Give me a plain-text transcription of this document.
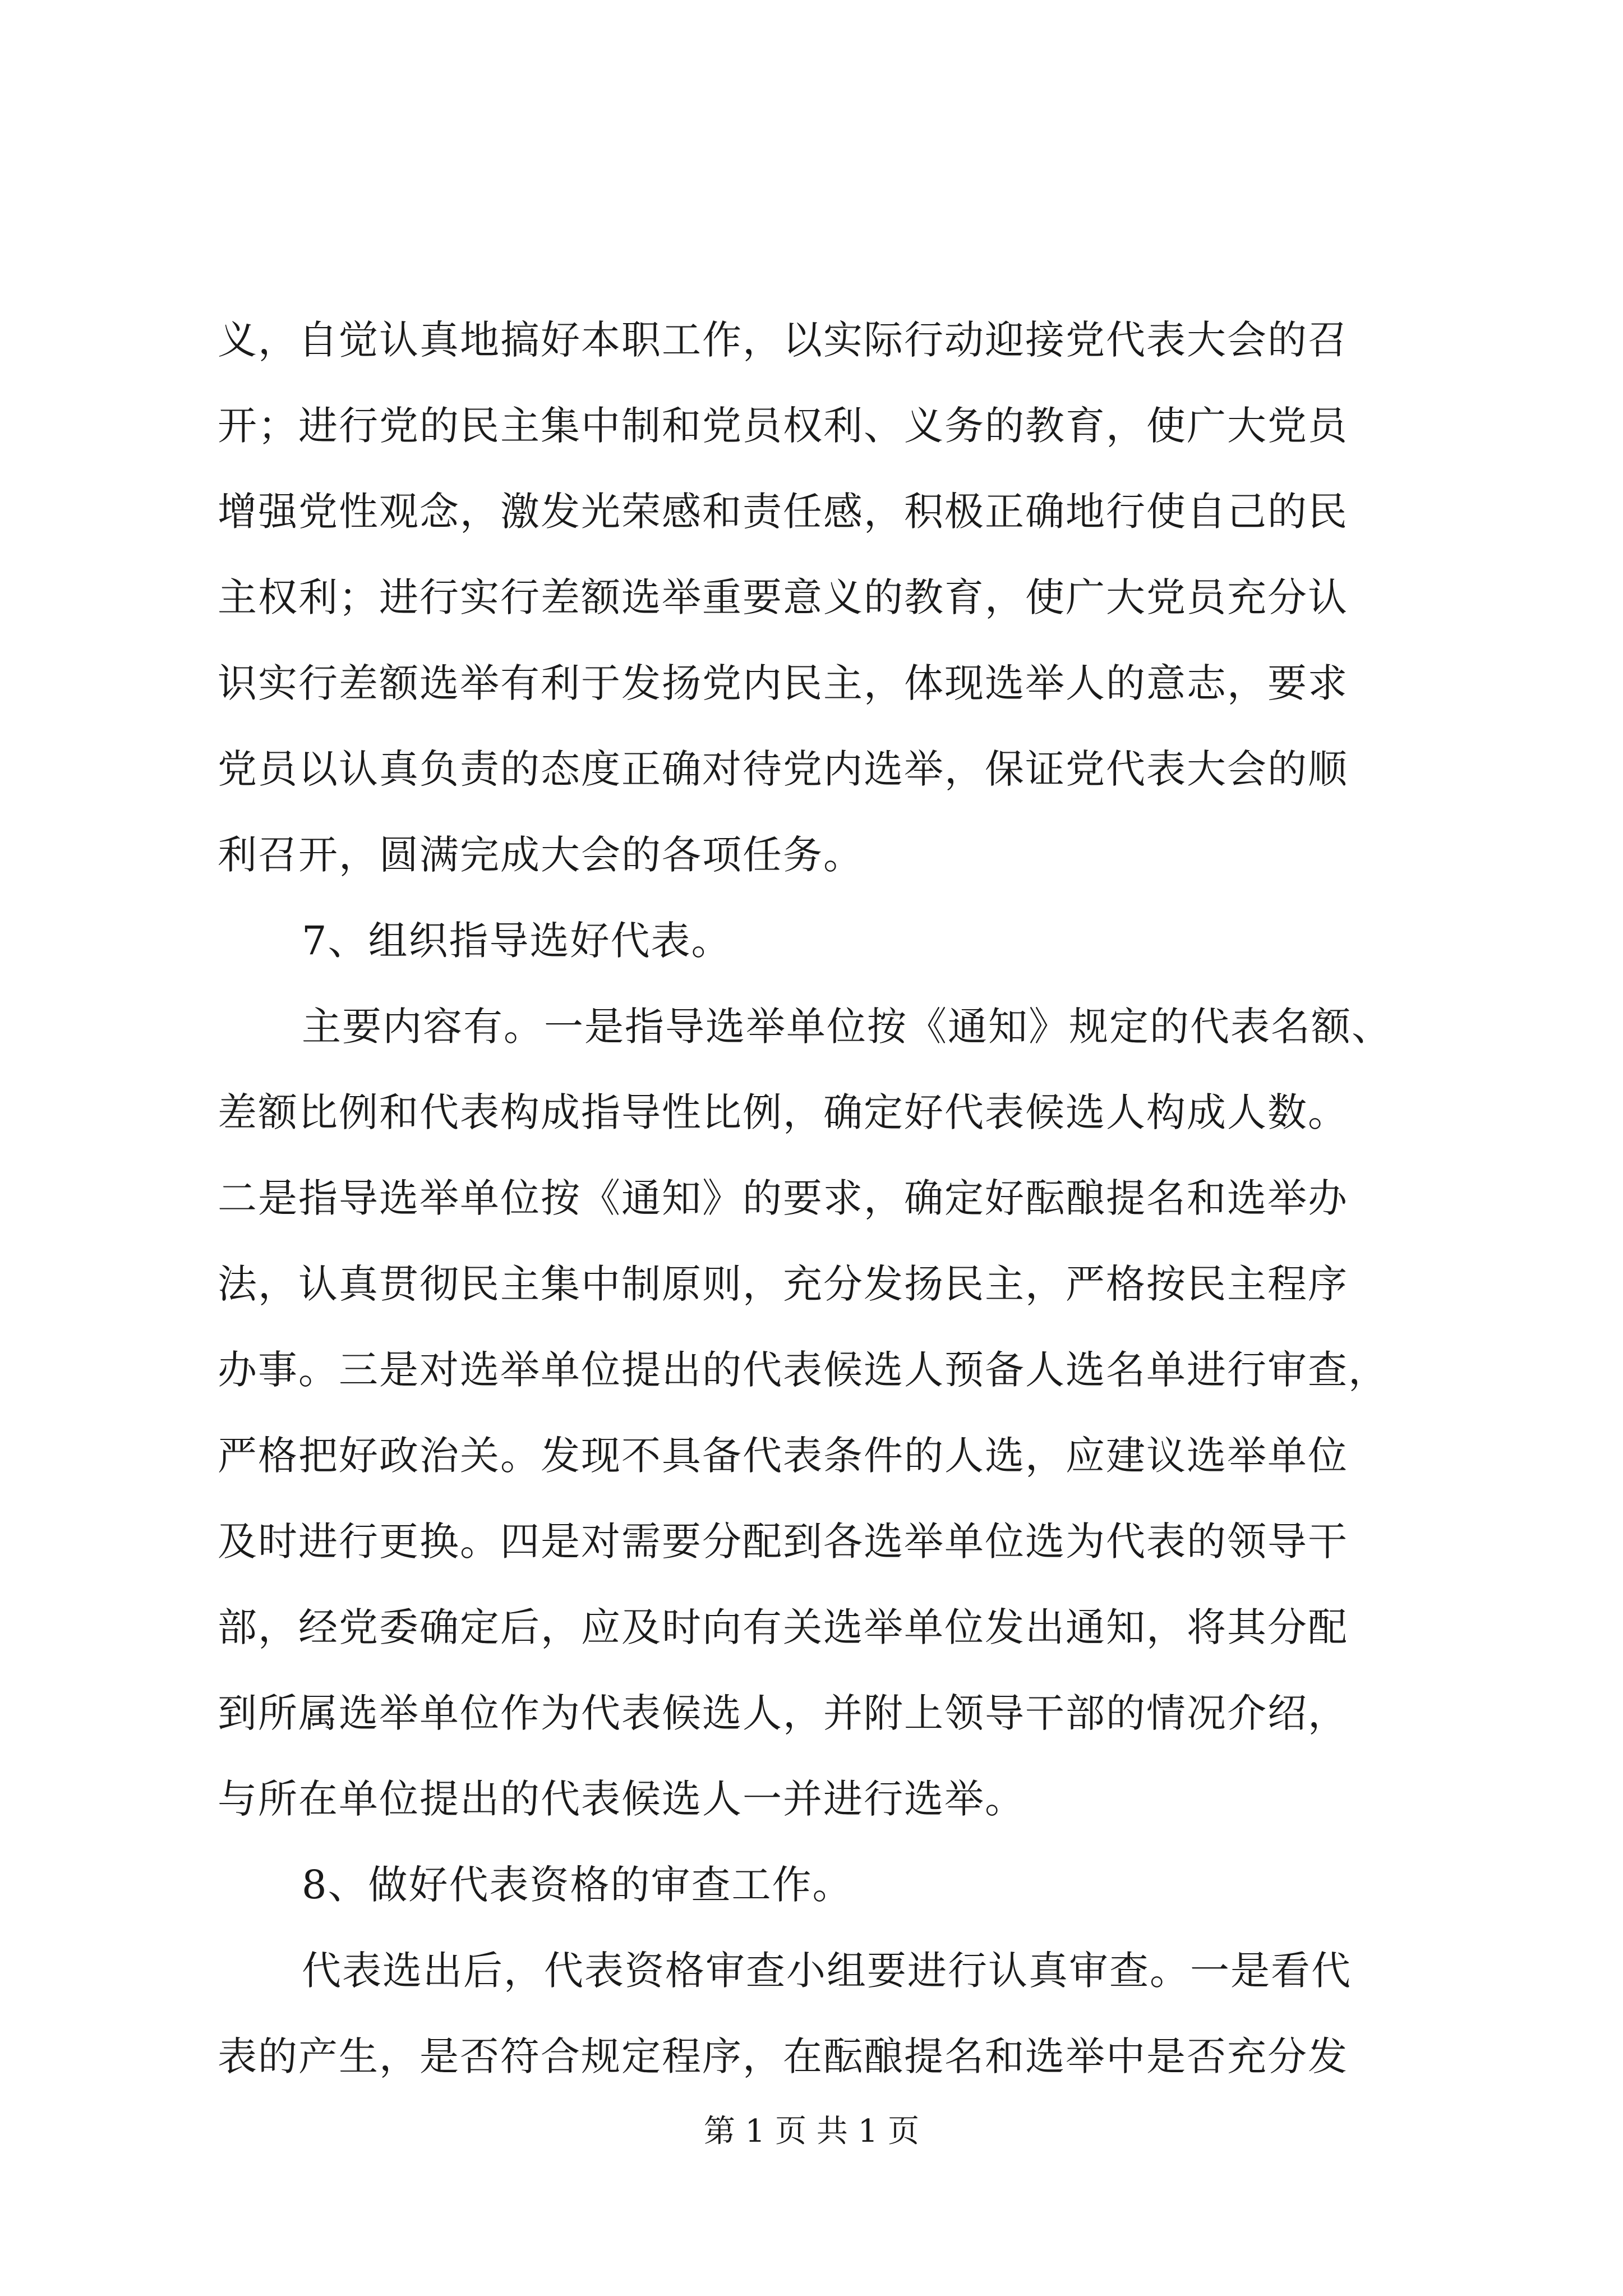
义，自觉认真地搞好本职工作，以实际行动迎接党代表大会的召
开；进行党的民主集中制和党员权利、义务的教育，使广大党员
增强党性观念，激发光荣感和责任感，积极正确地行使自己的民
主权利；进行实行差额选举重要意义的教育，使广大党员充分认
识实行差额选举有利于发扬党内民主，体现选举人的意志，要求
党员以认真负责的态度正确对待党内选举，保证党代表大会的顺
利召开，圆满完成大会的各项任务。
7、组织指导选好代表。
主要内容有。一是指导选举单位按《通知》规定的代表名额、
差额比例和代表构成指导性比例，确定好代表候选人构成人数。
二是指导选举单位按《通知》的要求，确定好酝酿提名和选举办
法，认真贯彻民主集中制原则，充分发扬民主，严格按民主程序
办事。三是对选举单位提出的代表候选人预备人选名单进行审查，
严格把好政治关。发现不具备代表条件的人选，应建议选举单位
及时进行更换。四是对需要分配到各选举单位选为代表的领导干
部，经党委确定后，应及时向有关选举单位发出通知，将其分配
到所属选举单位作为代表候选人，并附上领导干部的情况介绍，
与所在单位提出的代表候选人一并进行选举。
8、做好代表资格的审查工作。
代表选出后，代表资格审查小组要进行认真审查。一是看代
表的产生，是否符合规定程序，在酝酿提名和选举中是否充分发
第 1 页 共 1 页
